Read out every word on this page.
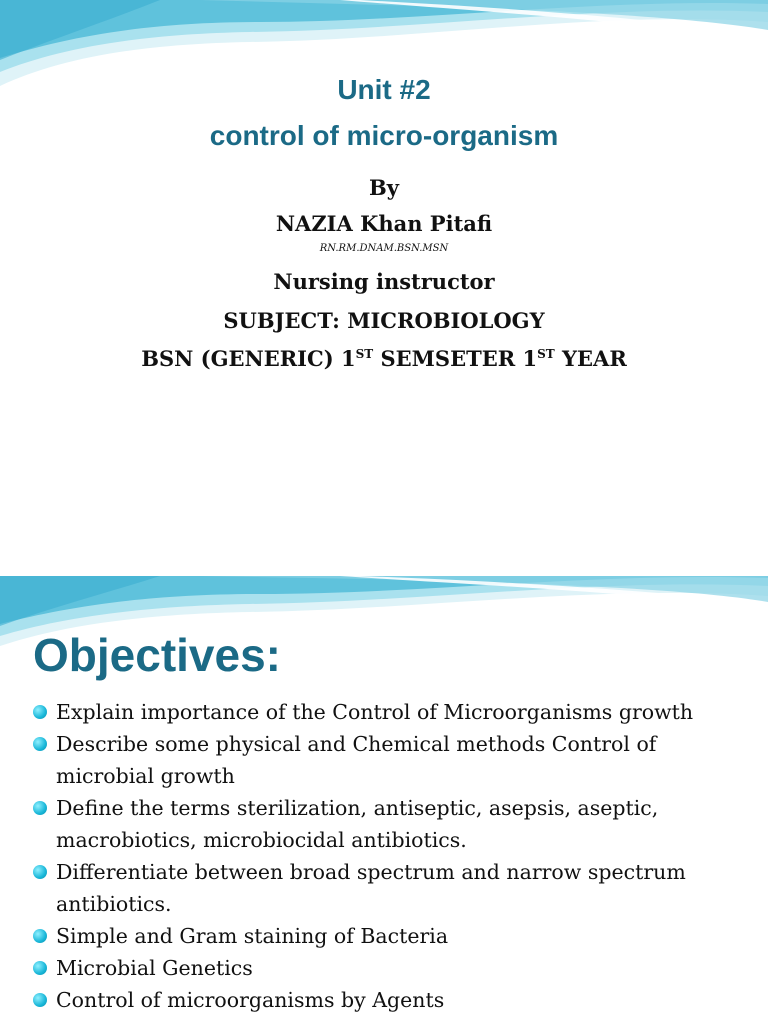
Unit #2
control of micro-organism

By

NAZIA Khan Pitafi

RN.RM.DNAM.BSN.MSN

Nursing instructor

SUBJECT: MICROBIOLOGY

BSN (GENERIC) 1ST SEMSETER 1ST YEAR

Objectives:
Explain importance of the Control of Microorganisms growth
Describe some physical and Chemical methods Control of microbial growth
Define the terms sterilization, antiseptic, asepsis, aseptic, macrobiotics, microbiocidal antibiotics.
Differentiate between broad spectrum and narrow spectrum antibiotics.
Simple and Gram staining of Bacteria
Microbial Genetics
Control of microorganisms by Agents
